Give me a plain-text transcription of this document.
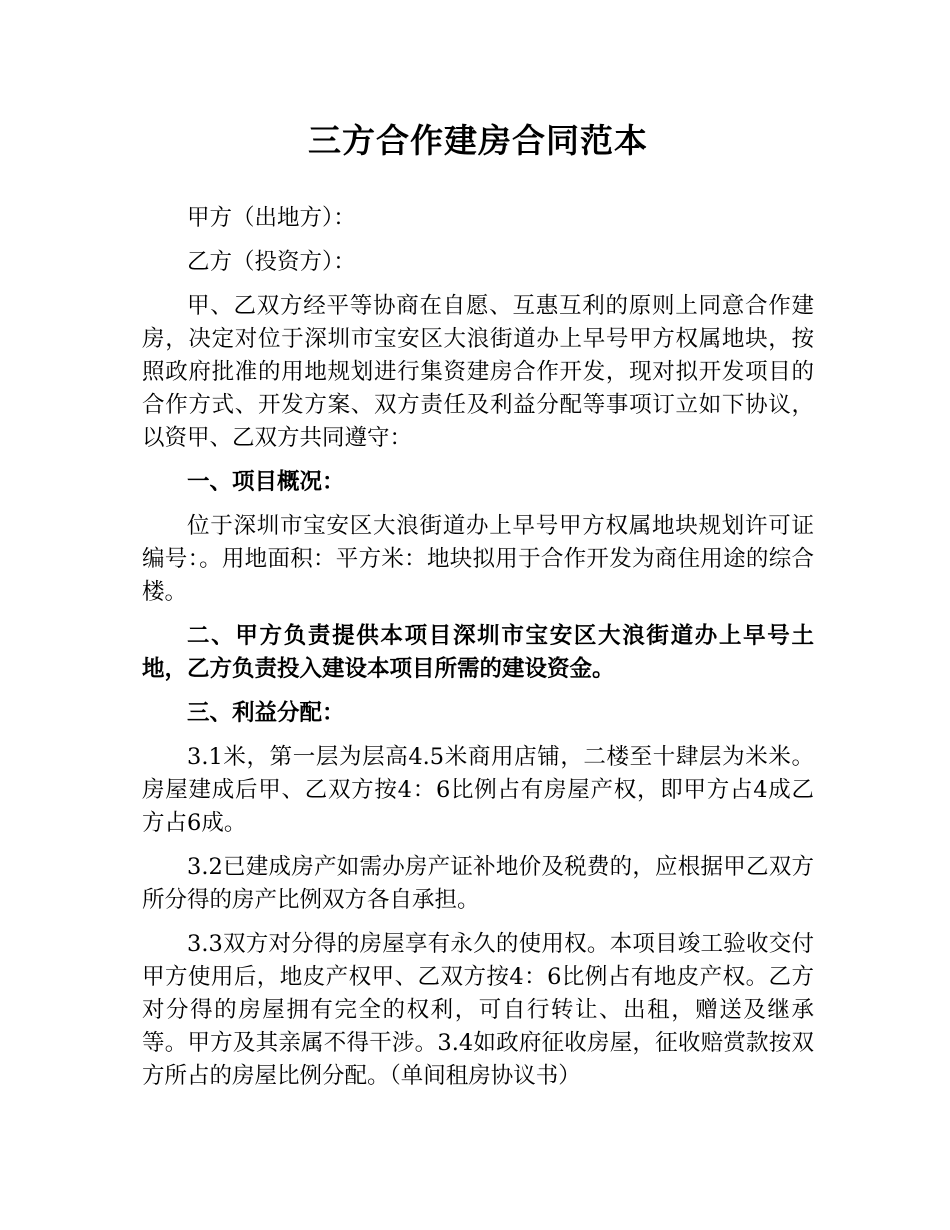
三方合作建房合同范本

甲方（出地方）：

乙方（投资方）：

甲、乙双方经平等协商在自愿、互惠互利的原则上同意合作建房，决定对位于深圳市宝安区大浪街道办上早号甲方权属地块，按照政府批准的用地规划进行集资建房合作开发，现对拟开发项目的合作方式、开发方案、双方责任及利益分配等事项订立如下协议，以资甲、乙双方共同遵守：

一、项目概况：

位于深圳市宝安区大浪街道办上早号甲方权属地块规划许可证编号：。用地面积：平方米：地块拟用于合作开发为商住用途的综合楼。

二、甲方负责提供本项目深圳市宝安区大浪街道办上早号土地，乙方负责投入建设本项目所需的建设资金。

三、利益分配：

3.1米，第一层为层高4.5米商用店铺，二楼至十肆层为米米。房屋建成后甲、乙双方按4：6比例占有房屋产权，即甲方占4成乙方占6成。

3.2已建成房产如需办房产证补地价及税费的，应根据甲乙双方所分得的房产比例双方各自承担。

3.3双方对分得的房屋享有永久的使用权。本项目竣工验收交付甲方使用后，地皮产权甲、乙双方按4：6比例占有地皮产权。乙方对分得的房屋拥有完全的权利，可自行转让、出租，赠送及继承等。甲方及其亲属不得干涉。3.4如政府征收房屋，征收赔赏款按双方所占的房屋比例分配。（单间租房协议书）
